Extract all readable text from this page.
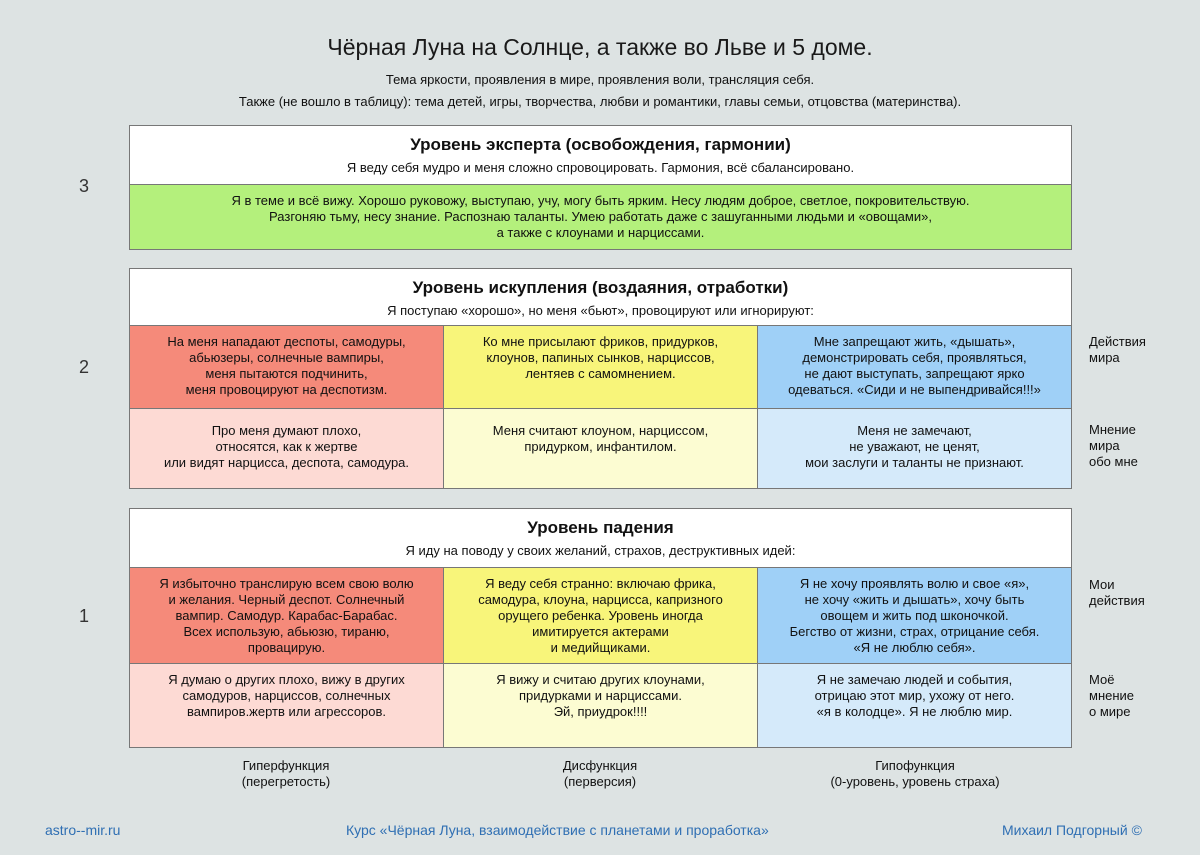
Чёрная Луна на Солнце, а также во Льве и 5 доме.
Тема яркости, проявления в мире, проявления воли, трансляция себя.
Также (не вошло в таблицу): тема детей, игры, творчества, любви и романтики, главы семьи, отцовства (материнства).
3
Уровень эксперта (освобождения, гармонии)
Я веду себя мудро и меня сложно спровоцировать. Гармония, всё сбалансировано.
Я в теме и всё вижу. Хорошо руковожу, выступаю, учу, могу быть ярким. Несу людям доброе, светлое, покровительствую.
Разгоняю тьму, несу знание. Распознаю таланты. Умею работать даже с зашуганными людьми и «овощами»,
а также с клоунами и нарциссами.
2
Уровень искупления (воздаяния, отработки)
Я поступаю «хорошо», но меня «бьют», провоцируют или игнорируют:
На меня нападают деспоты, самодуры,
абьюзеры, солнечные вампиры,
меня пытаются подчинить,
меня провоцируют на деспотизм.
Ко мне присылают фриков, придурков,
клоунов, папиных сынков, нарциссов,
лентяев с самомнением.
Мне запрещают жить, «дышать»,
демонстрировать себя, проявляться,
не дают выступать, запрещают ярко
одеваться. «Сиди и не выпендривайся!!!»
Про меня думают плохо,
относятся, как к жертве
или видят нарцисса, деспота, самодура.
Меня считают клоуном, нарциссом,
придурком, инфантилом.
Меня не замечают,
не уважают, не ценят,
мои заслуги и таланты не признают.
Действия
мира
Мнение
мира
обо мне
1
Уровень падения
Я иду на поводу у своих желаний, страхов, деструктивных идей:
Я избыточно транслирую всем свою волю
и желания. Черный деспот. Солнечный
вампир. Самодур. Карабас-Барабас.
Всех использую, абьюзю, тираню,
провацирую.
Я веду себя странно: включаю фрика,
самодура, клоуна, нарцисса, капризного
орущего ребенка. Уровень иногда
имитируется актерами
и медийщиками.
Я не хочу проявлять волю и свое «я»,
не хочу «жить и дышать», хочу быть
овощем и жить под шконочкой.
Бегство от жизни, страх, отрицание себя.
«Я не люблю себя».
Я думаю о других плохо, вижу в других
самодуров, нарциссов, солнечных
вампиров.жертв или агрессоров.
Я вижу и считаю других клоунами,
придурками и нарциссами.
Эй, приудрок!!!!
Я не замечаю людей и события,
отрицаю этот мир, ухожу от него.
«я в колодце». Я не люблю мир.
Мои
действия
Моё
мнение
о мире
Гиперфункция
(перегретость)
Дисфункция
(перверсия)
Гипофункция
(0-уровень, уровень страха)
astro--mir.ru	Курс «Чёрная Луна, взаимодействие с планетами и проработка»	Михаил Подгорный ©
